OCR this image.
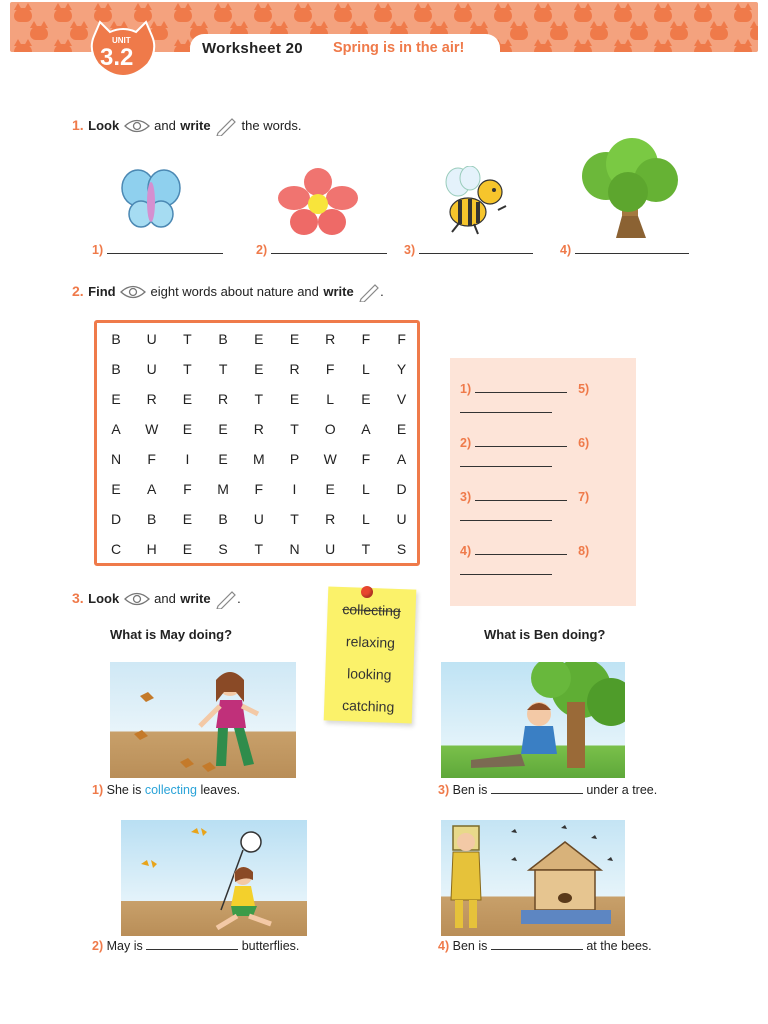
UNIT
3.2	Worksheet 20 Spring is in the air!
1. Look	and write the words.
1)	2)	3)	4)
2. Find	eight words about nature and write .
B	U	T	B	E	E	R	F	F
B	U	T	T	E	R	F	L	Y
E	R	E	R	T	E	L	E	V
A	W	E	E	R	T	O	A	E
N	F	I	E	M	P	W	F	A
E	A	F	M	F	I	E	L	D
D	B	E	B	U	T	R	L	U
C	H	E	S	T	N	U	T	S
1)	5)
2)	6)
3)	7)
4)	8)
3. Look	and write .
What is May doing?	What is Ben doing?
collecting
relaxing
looking
catching
1) She is collecting leaves.
2) May is	butterflies.
3) Ben is	under a tree.
4) Ben is	at the bees.
